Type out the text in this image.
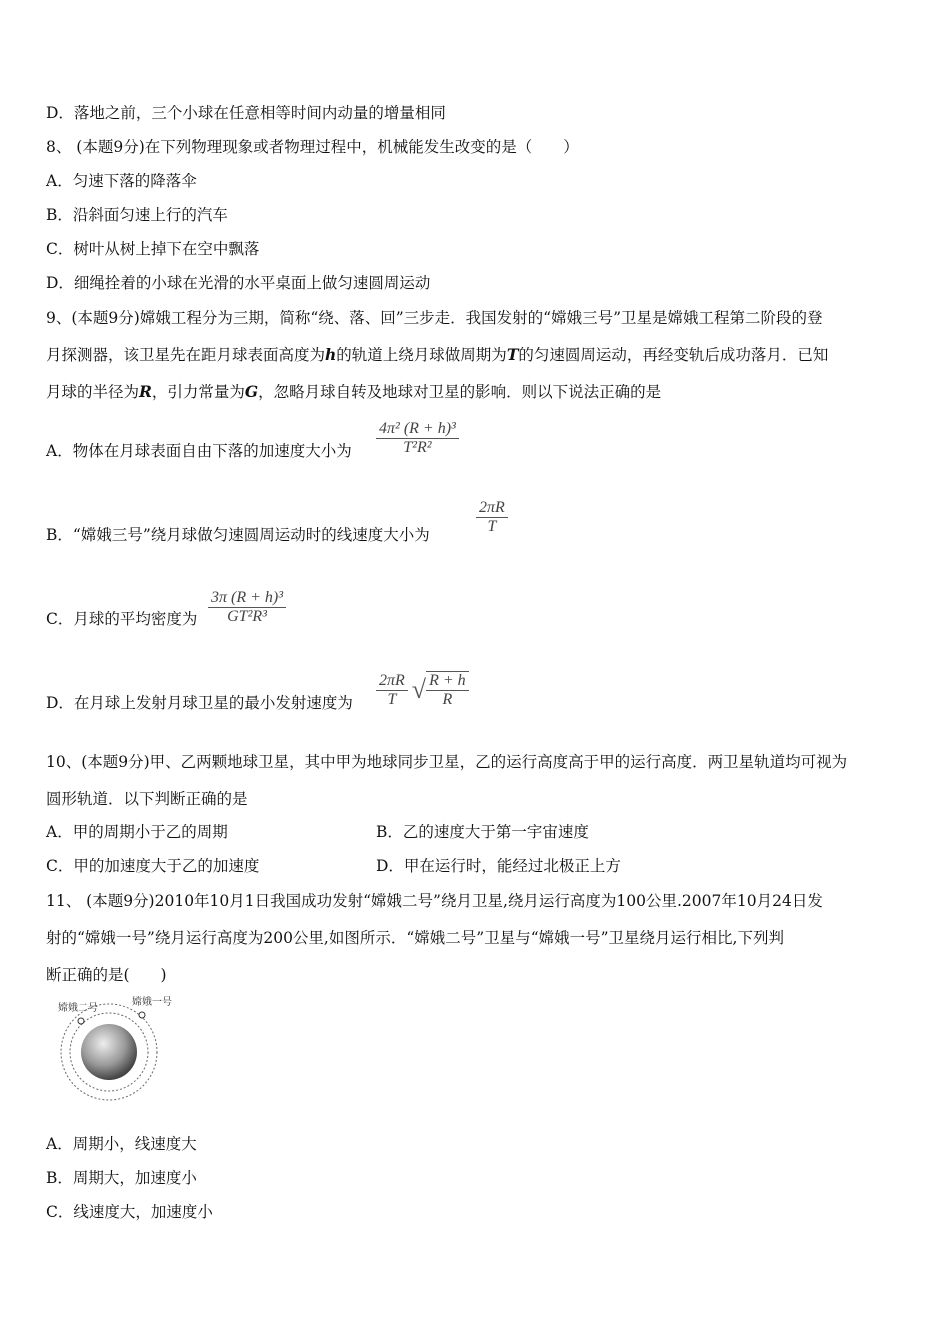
D．落地之前，三个小球在任意相等时间内动量的增量相同
8、 (本题9分)在下列物理现象或者物理过程中，机械能发生改变的是（　　）
A．匀速下落的降落伞
B．沿斜面匀速上行的汽车
C．树叶从树上掉下在空中飘落
D．细绳拴着的小球在光滑的水平桌面上做匀速圆周运动
9、(本题9分)嫦娥工程分为三期，简称“绕、落、回”三步走．我国发射的“嫦娥三号”卫星是嫦娥工程第二阶段的登
月探测器，该卫星先在距月球表面高度为h的轨道上绕月球做周期为T的匀速圆周运动，再经变轨后成功落月．已知
月球的半径为R，引力常量为G，忽略月球自转及地球对卫星的影响．则以下说法正确的是
A．物体在月球表面自由下落的加速度大小为 $\frac{\text{4π² (R + h)³}}{\text{T²R²}}$
B．“嫦娥三号”绕月球做匀速圆周运动时的线速度大小为	$\frac{2\pi R}{T}$
C．月球的平均密度为 $\frac{\text{3π (R + h)³}}{\text{GT²R³}}$
D．在月球上发射月球卫星的最小发射速度为 $\frac{2\pi R}{T}$ √ $\frac{R + h}{R}$
10、(本题9分)甲、乙两颗地球卫星，其中甲为地球同步卫星，乙的运行高度高于甲的运行高度．两卫星轨道均可视为
圆形轨道．以下判断正确的是
A．甲的周期小于乙的周期	B．乙的速度大于第一宇宙速度
C．甲的加速度大于乙的加速度	D．甲在运行时，能经过北极正上方
11、 (本题9分)2010年10月1日我国成功发射“嫦娥二号”绕月卫星,绕月运行高度为100公里.2007年10月24日发
射的“嫦娥一号”绕月运行高度为200公里,如图所示．“嫦娥二号”卫星与“嫦娥一号”卫星绕月运行相比,下列判
断正确的是(　　)
嫦娥二号
嫦娥一号
A．周期小，线速度大
B．周期大，加速度小
C．线速度大，加速度小
